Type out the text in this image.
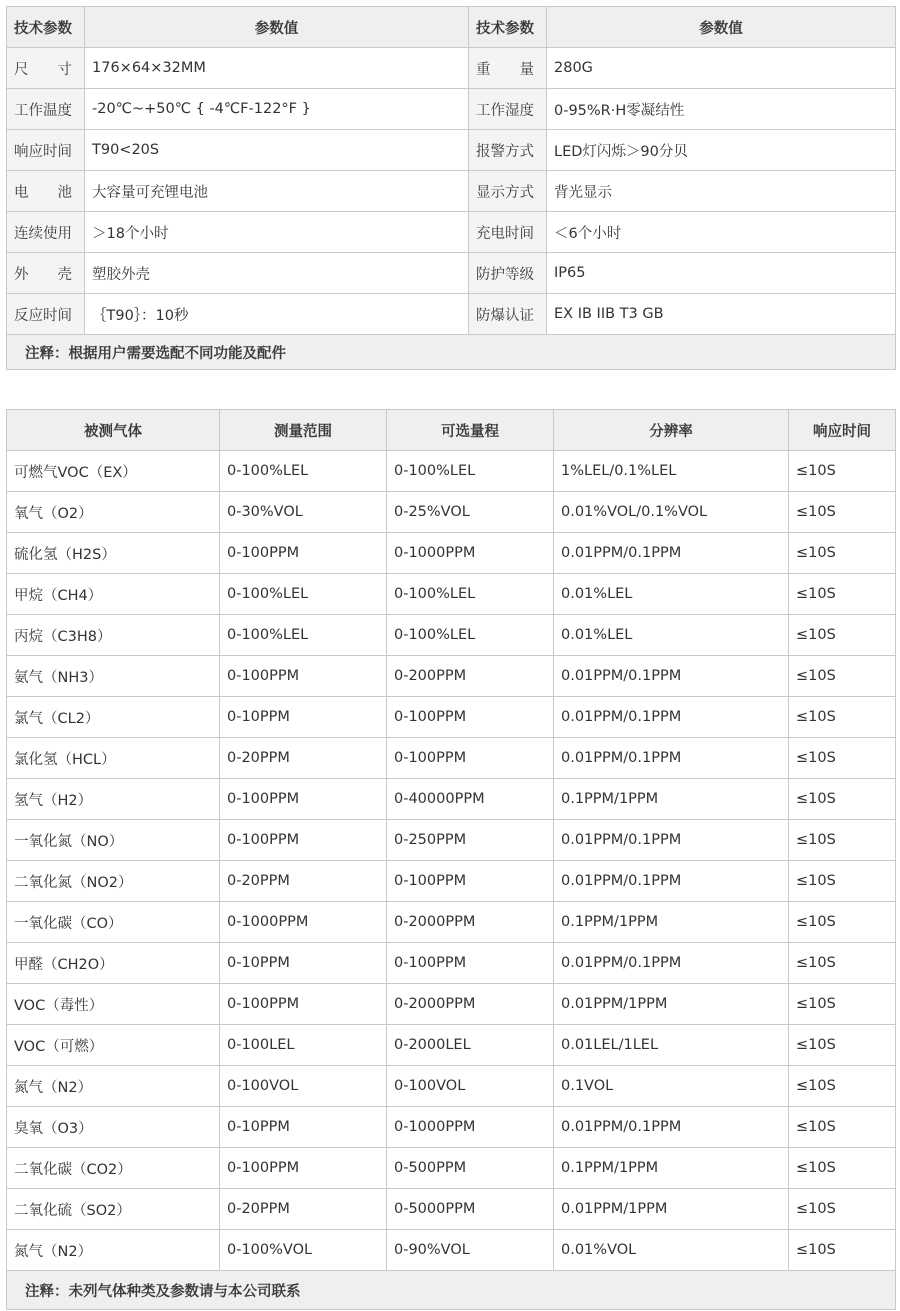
技术参数	参数值	技术参数	参数值
尺　　寸	176×64×32MM	重　　量	280G
工作温度	-20℃~+50℃ { -4℃F-122°F }	工作湿度	0-95%R·H零凝结性
响应时间	T90<20S	报警方式	LED灯闪烁＞90分贝
电　　池	大容量可充锂电池	显示方式	背光显示
连续使用	＞18个小时	充电时间	＜6个小时
外　　壳	塑胶外壳	防护等级	IP65
反应时间	｛T90｝：10秒	防爆认证	EX IB IIB T3 GB
注释：根据用户需要选配不同功能及配件			
被测气体	测量范围	可选量程	分辨率	响应时间
可燃气VOC（EX）	0-100%LEL	0-100%LEL	1%LEL/0.1%LEL	≤10S
氧气（O2）	0-30%VOL	0-25%VOL	0.01%VOL/0.1%VOL	≤10S
硫化氢（H2S）	0-100PPM	0-1000PPM	0.01PPM/0.1PPM	≤10S
甲烷（CH4）	0-100%LEL	0-100%LEL	0.01%LEL	≤10S
丙烷（C3H8）	0-100%LEL	0-100%LEL	0.01%LEL	≤10S
氨气（NH3）	0-100PPM	0-200PPM	0.01PPM/0.1PPM	≤10S
氯气（CL2）	0-10PPM	0-100PPM	0.01PPM/0.1PPM	≤10S
氯化氢（HCL）	0-20PPM	0-100PPM	0.01PPM/0.1PPM	≤10S
氢气（H2）	0-100PPM	0-40000PPM	0.1PPM/1PPM	≤10S
一氧化氮（NO）	0-100PPM	0-250PPM	0.01PPM/0.1PPM	≤10S
二氧化氮（NO2）	0-20PPM	0-100PPM	0.01PPM/0.1PPM	≤10S
一氧化碳（CO）	0-1000PPM	0-2000PPM	0.1PPM/1PPM	≤10S
甲醛（CH2O）	0-10PPM	0-100PPM	0.01PPM/0.1PPM	≤10S
VOC（毒性）	0-100PPM	0-2000PPM	0.01PPM/1PPM	≤10S
VOC（可燃）	0-100LEL	0-2000LEL	0.01LEL/1LEL	≤10S
氮气（N2）	0-100VOL	0-100VOL	0.1VOL	≤10S
臭氧（O3）	0-10PPM	0-1000PPM	0.01PPM/0.1PPM	≤10S
二氧化碳（CO2）	0-100PPM	0-500PPM	0.1PPM/1PPM	≤10S
二氧化硫（SO2）	0-20PPM	0-5000PPM	0.01PPM/1PPM	≤10S
氮气（N2）	0-100%VOL	0-90%VOL	0.01%VOL	≤10S
注释：未列气体种类及参数请与本公司联系				
